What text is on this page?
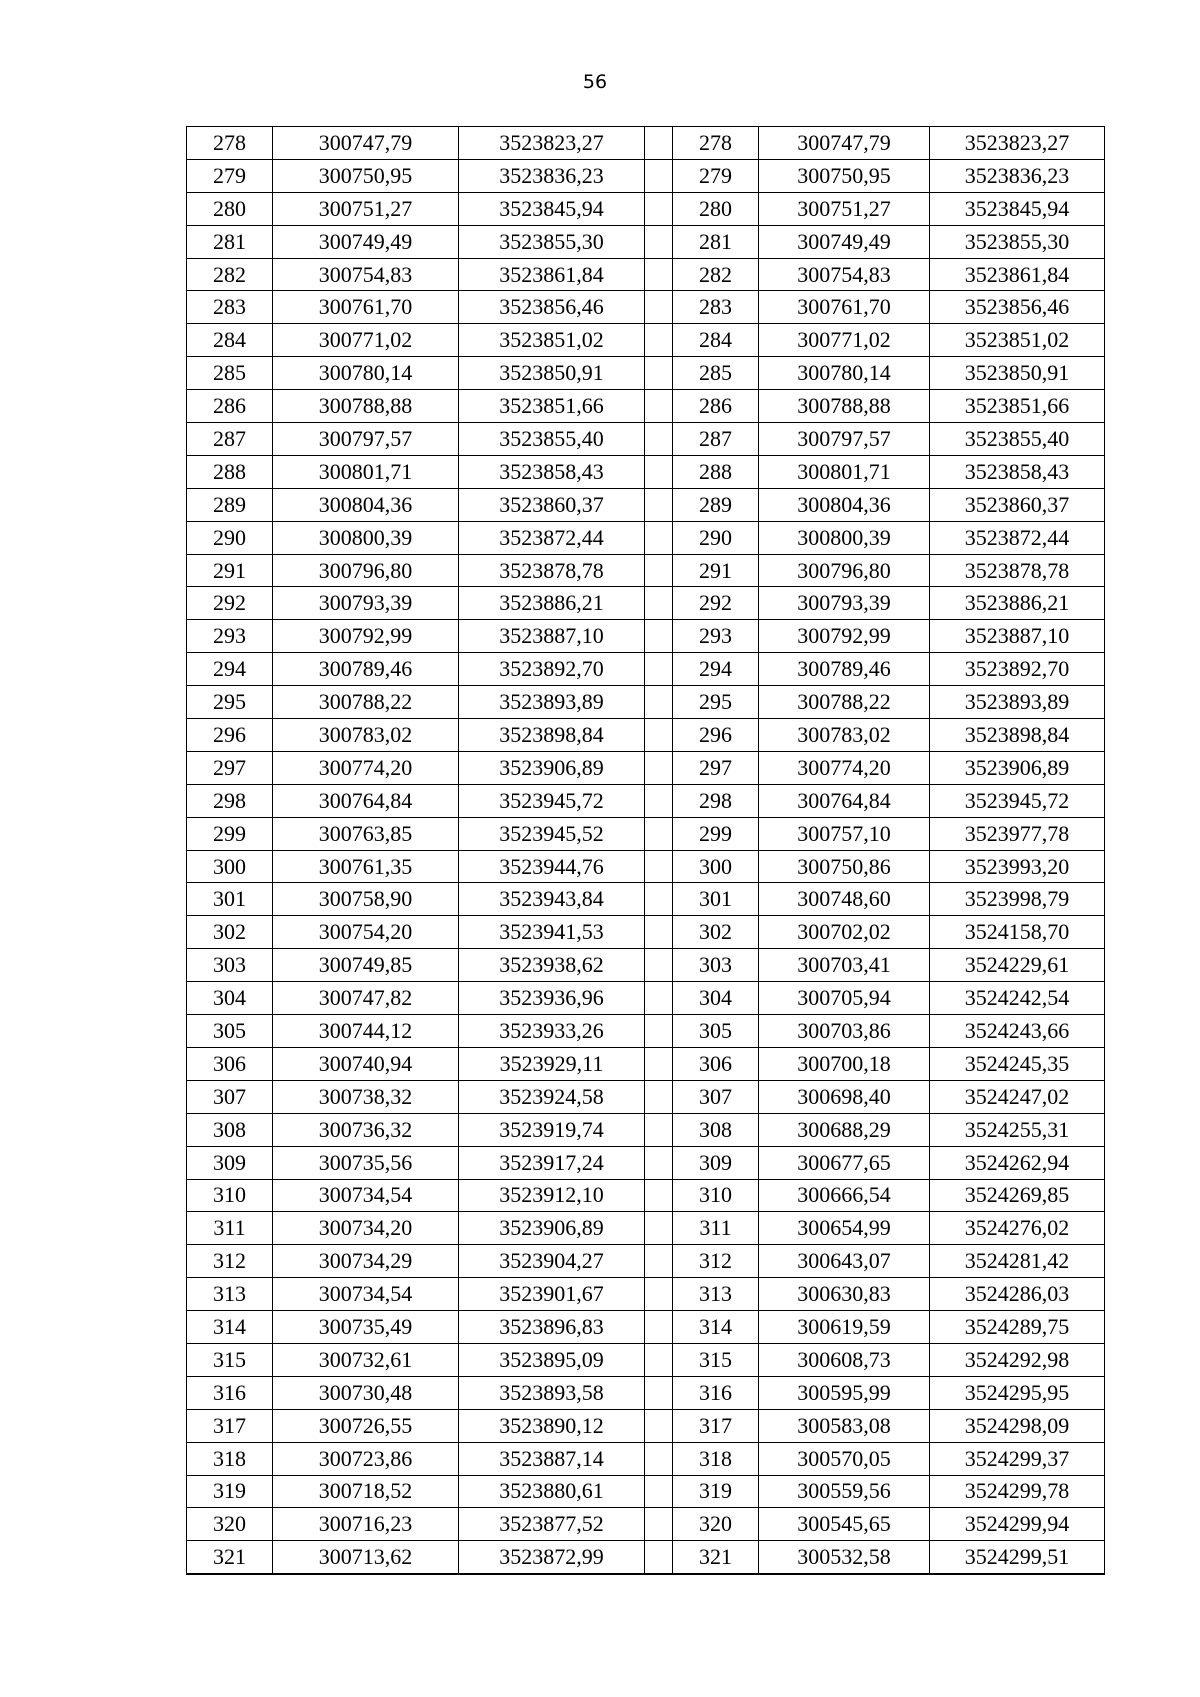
56
278	300747,79	3523823,27		278	300747,79	3523823,27
279	300750,95	3523836,23		279	300750,95	3523836,23
280	300751,27	3523845,94		280	300751,27	3523845,94
281	300749,49	3523855,30		281	300749,49	3523855,30
282	300754,83	3523861,84		282	300754,83	3523861,84
283	300761,70	3523856,46		283	300761,70	3523856,46
284	300771,02	3523851,02		284	300771,02	3523851,02
285	300780,14	3523850,91		285	300780,14	3523850,91
286	300788,88	3523851,66		286	300788,88	3523851,66
287	300797,57	3523855,40		287	300797,57	3523855,40
288	300801,71	3523858,43		288	300801,71	3523858,43
289	300804,36	3523860,37		289	300804,36	3523860,37
290	300800,39	3523872,44		290	300800,39	3523872,44
291	300796,80	3523878,78		291	300796,80	3523878,78
292	300793,39	3523886,21		292	300793,39	3523886,21
293	300792,99	3523887,10		293	300792,99	3523887,10
294	300789,46	3523892,70		294	300789,46	3523892,70
295	300788,22	3523893,89		295	300788,22	3523893,89
296	300783,02	3523898,84		296	300783,02	3523898,84
297	300774,20	3523906,89		297	300774,20	3523906,89
298	300764,84	3523945,72		298	300764,84	3523945,72
299	300763,85	3523945,52		299	300757,10	3523977,78
300	300761,35	3523944,76		300	300750,86	3523993,20
301	300758,90	3523943,84		301	300748,60	3523998,79
302	300754,20	3523941,53		302	300702,02	3524158,70
303	300749,85	3523938,62		303	300703,41	3524229,61
304	300747,82	3523936,96		304	300705,94	3524242,54
305	300744,12	3523933,26		305	300703,86	3524243,66
306	300740,94	3523929,11		306	300700,18	3524245,35
307	300738,32	3523924,58		307	300698,40	3524247,02
308	300736,32	3523919,74		308	300688,29	3524255,31
309	300735,56	3523917,24		309	300677,65	3524262,94
310	300734,54	3523912,10		310	300666,54	3524269,85
311	300734,20	3523906,89		311	300654,99	3524276,02
312	300734,29	3523904,27		312	300643,07	3524281,42
313	300734,54	3523901,67		313	300630,83	3524286,03
314	300735,49	3523896,83		314	300619,59	3524289,75
315	300732,61	3523895,09		315	300608,73	3524292,98
316	300730,48	3523893,58		316	300595,99	3524295,95
317	300726,55	3523890,12		317	300583,08	3524298,09
318	300723,86	3523887,14		318	300570,05	3524299,37
319	300718,52	3523880,61		319	300559,56	3524299,78
320	300716,23	3523877,52		320	300545,65	3524299,94
321	300713,62	3523872,99		321	300532,58	3524299,51
